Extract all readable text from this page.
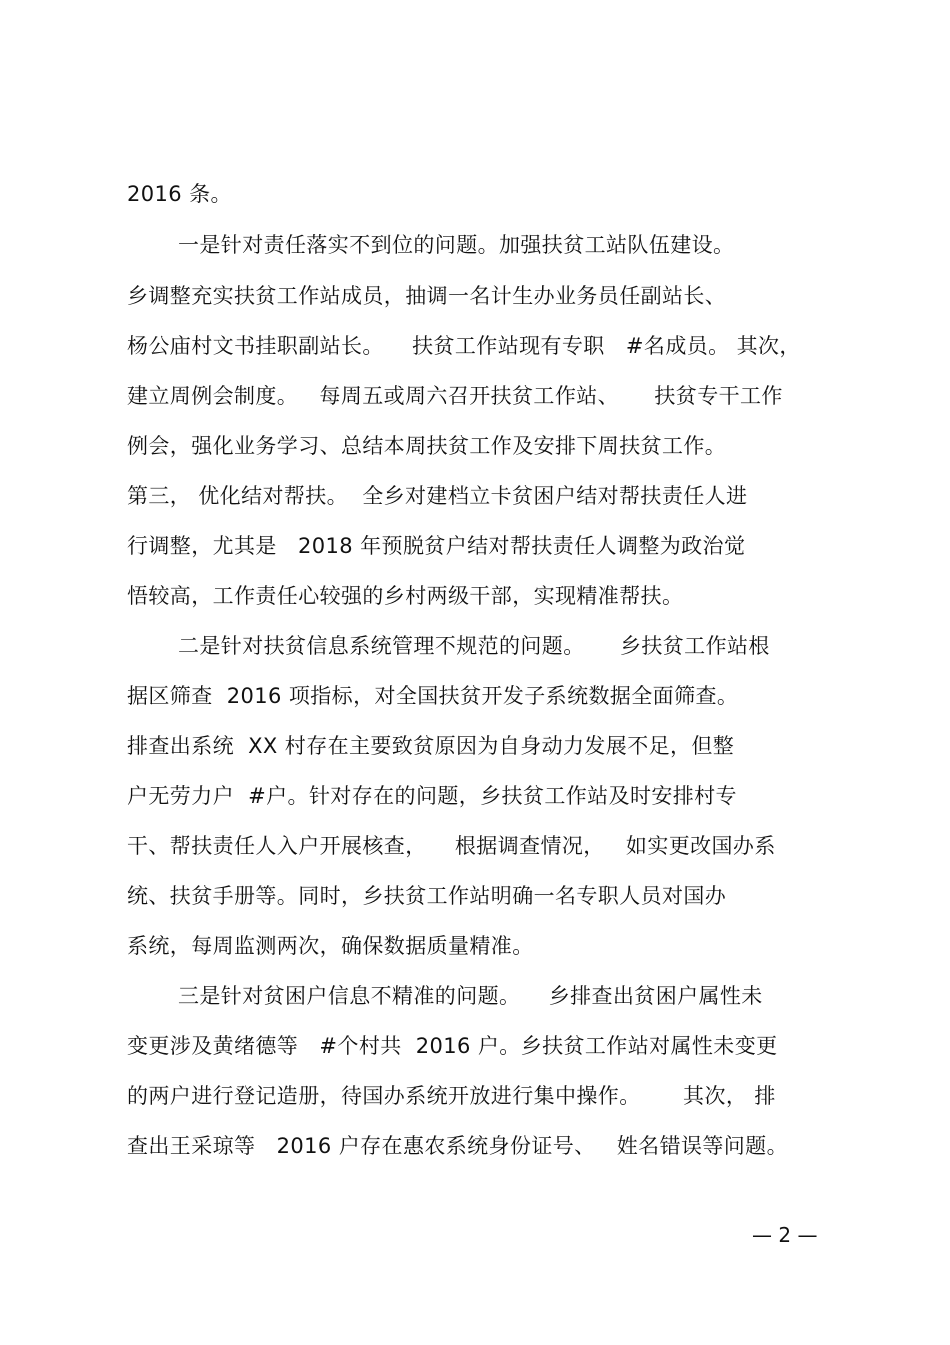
2016 条。
一是针对责任落实不到位的问题。加强扶贫工站队伍建设。
乡调整充实扶贫工作站成员，抽调一名计生办业务员任副站长、
杨公庙村文书挂职副站长。    扶贫工作站现有专职   #名成员。 其次，
建立周例会制度。   每周五或周六召开扶贫工作站、     扶贫专干工作
例会，强化业务学习、总结本周扶贫工作及安排下周扶贫工作。
第三， 优化结对帮扶。  全乡对建档立卡贫困户结对帮扶责任人进
行调整，尤其是   2018 年预脱贫户结对帮扶责任人调整为政治觉
悟较高，工作责任心较强的乡村两级干部，实现精准帮扶。
二是针对扶贫信息系统管理不规范的问题。     乡扶贫工作站根
据区筛查  2016 项指标，对全国扶贫开发子系统数据全面筛查。
排查出系统  XX 村存在主要致贫原因为自身动力发展不足，但整
户无劳力户  #户。针对存在的问题，乡扶贫工作站及时安排村专
干、帮扶责任人入户开展核查，    根据调查情况，   如实更改国办系
统、扶贫手册等。同时，乡扶贫工作站明确一名专职人员对国办
系统，每周监测两次，确保数据质量精准。
三是针对贫困户信息不精准的问题。    乡排查出贫困户属性未
变更涉及黄绪德等   #个村共  2016 户。乡扶贫工作站对属性未变更
的两户进行登记造册，待国办系统开放进行集中操作。      其次， 排
查出王采琼等   2016 户存在惠农系统身份证号、   姓名错误等问题。
— 2 —
